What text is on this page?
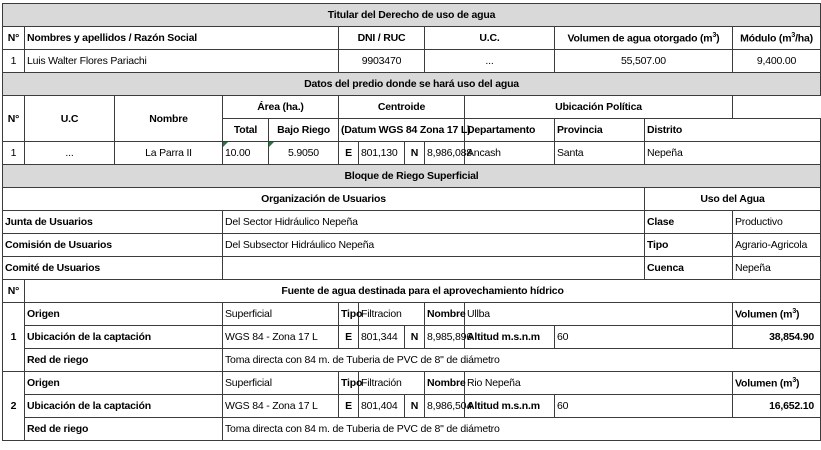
Titular del Derecho de uso de agua												
N°	Nombres y apellidos / Razón Social				DNI / RUC			U.C.		Volumen de agua otorgado $(m^3)$		Módulo $(m^3/ha)$
1	Luis Walter Flores Pariachi				9903470			...		55,507.00		9,400.00
Datos del predio donde se hará uso del agua												
N°	U.C	Nombre	Área (ha.)		Centroide				Ubicación Política		
			Total	Bajo Riego	(Datum WGS 84 Zona 17 L)				Departamento	Provincia	Distrito	
1	...	La Parra II	10.00	5.9050	E	801,130	N	8,986,088	Ancash	Santa	Nepeña	
Bloque de Riego Superficial												
Organización de Usuarios											Uso del Agua	
Junta de Usuarios			Del Sector Hidráulico Nepeña								Clase	Productivo
Comisión de Usuarios			Del Subsector Hidráulico Nepeña								Tipo	Agrario-Agricola
Comité de Usuarios											Cuenca	Nepeña
N°	Fuente de agua destinada para el aprovechamiento hídrico											
1	Origen		Superficial		Tipo	Filtracion		Nombre	Ullba			Volumen $(m^3)$
	Ubicación de la captación		WGS 84 - Zona 17 L		E	801,344	N	8,985,896	Altitud m.s.n.m	60		38,854.90
	Red de riego		Toma directa con 84 m. de Tuberia de PVC de 8" de diámetro									
2	Origen		Superficial		Tipo	Filtración		Nombre	Rio Nepeña			Volumen $(m^3)$
	Ubicación de la captación		WGS 84 - Zona 17 L		E	801,404	N	8,986,504	Altitud m.s.n.m	60		16,652.10
	Red de riego		Toma directa con 84 m. de Tuberia de PVC de 8" de diámetro									
